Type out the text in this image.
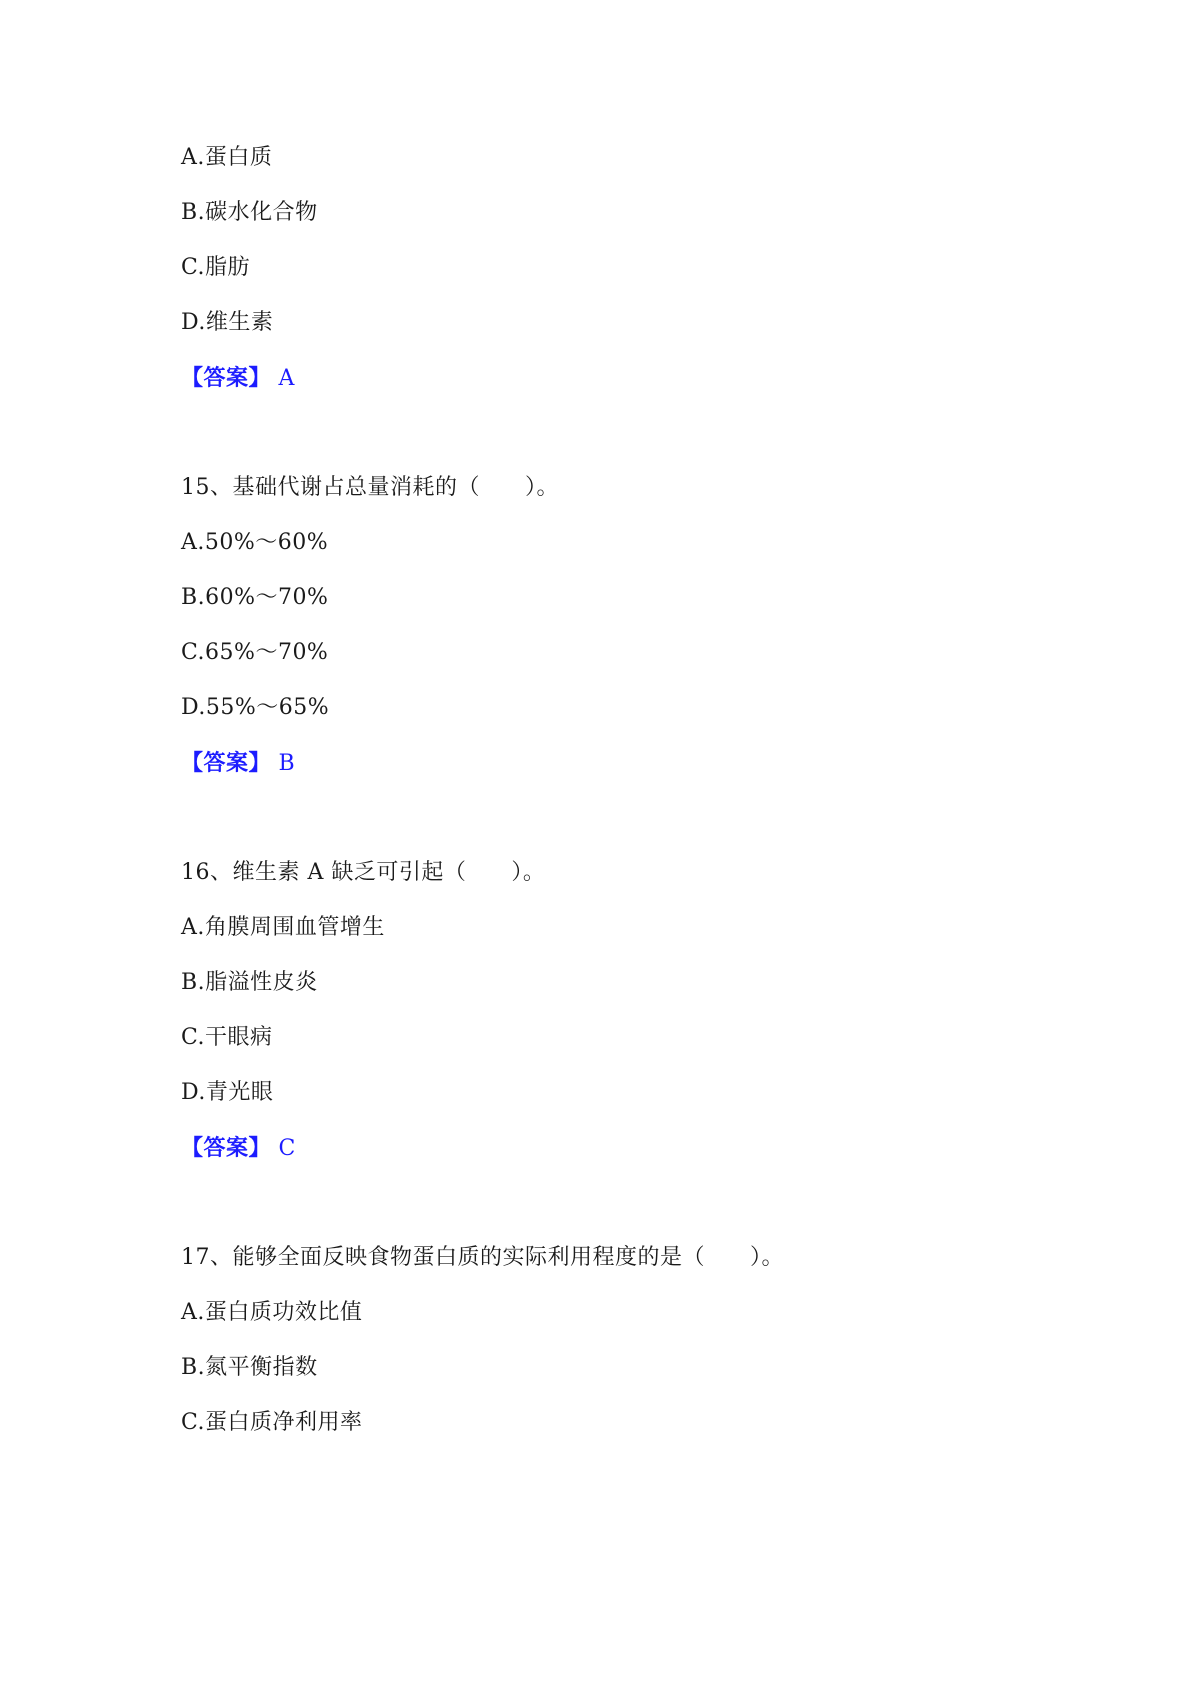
A.蛋白质
B.碳水化合物
C.脂肪
D.维生素
【答案】 A
15、基础代谢占总量消耗的（　　）。
A.50%～60%
B.60%～70%
C.65%～70%
D.55%～65%
【答案】 B
16、维生素 A 缺乏可引起（　　）。
A.角膜周围血管增生
B.脂溢性皮炎
C.干眼病
D.青光眼
【答案】 C
17、能够全面反映食物蛋白质的实际利用程度的是（　　）。
A.蛋白质功效比值
B.氮平衡指数
C.蛋白质净利用率
